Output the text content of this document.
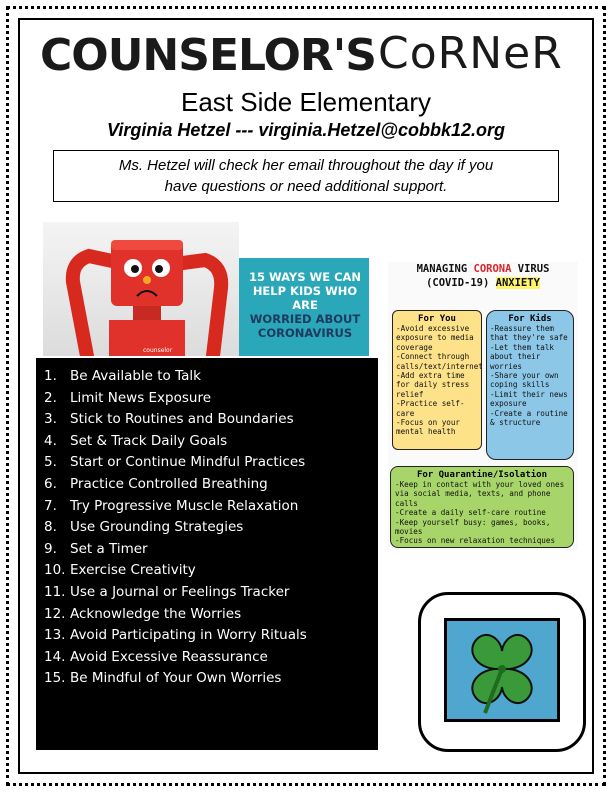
COUNSELOR'S CoRNeR
East Side Elementary
Virginia Hetzel --- virginia.Hetzel@cobbk12.org
Ms. Hetzel will check her email throughout the day if you
have questions or need additional support.
counselor
15 WAYS WE CAN
HELP KIDS WHO ARE
WORRIED ABOUT
CORONAVIRUS
1. Be Available to Talk
2. Limit News Exposure
3. Stick to Routines and Boundaries
4. Set & Track Daily Goals
5. Start or Continue Mindful Practices
6. Practice Controlled Breathing
7. Try Progressive Muscle Relaxation
8. Use Grounding Strategies
9. Set a Timer
10. Exercise Creativity
11. Use a Journal or Feelings Tracker
12. Acknowledge the Worries
13. Avoid Participating in Worry Rituals
14. Avoid Excessive Reassurance
15. Be Mindful of Your Own Worries
MANAGING CORONA VIRUS
(COVID-19) ANXIETY
For You
-Avoid excessive exposure to media coverage
-Connect through calls/text/internet
-Add extra time for daily stress relief
-Practice self-care
-Focus on your mental health
For Kids
-Reassure them that they're safe
-Let them talk about their worries
-Share your own coping skills
-Limit their news exposure
-Create a routine & structure
For Quarantine/Isolation
-Keep in contact with your loved ones via social media, texts, and phone calls
-Create a daily self-care routine
-Keep yourself busy: games, books, movies
-Focus on new relaxation techniques
